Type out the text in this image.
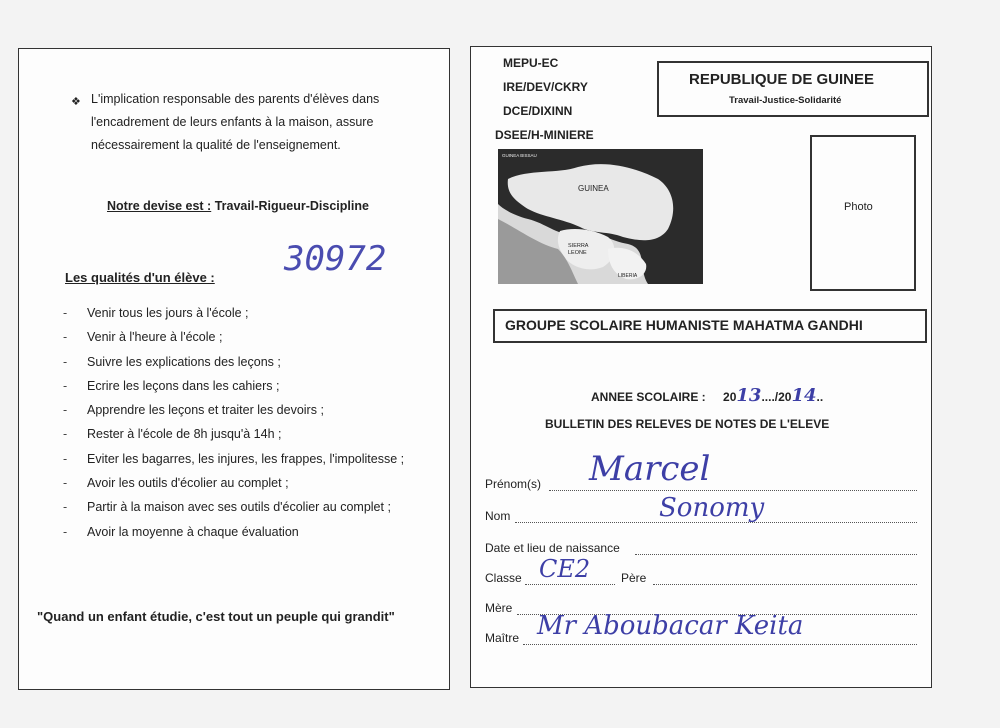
❖ L'implication responsable des parents d'élèves dans
l'encadrement de leurs enfants à la maison, assure
nécessairement la qualité de l'enseignement.
Notre devise est : Travail-Rigueur-Discipline
30972
Les qualités d'un élève :
- Venir tous les jours à l'école ;
- Venir à l'heure à l'école ;
- Suivre les explications des leçons ;
- Ecrire les leçons dans les cahiers ;
- Apprendre les leçons et traiter les devoirs ;
- Rester à l'école de 8h jusqu'à 14h ;
- Eviter les bagarres, les injures, les frappes, l'impolitesse ;
- Avoir les outils d'écolier au complet ;
- Partir à la maison avec ses outils d'écolier au complet ;
- Avoir la moyenne à chaque évaluation
"Quand un enfant étudie, c'est tout un peuple qui grandit"
MEPU-EC
IRE/DEV/CKRY
DCE/DIXINN
DSEE/H-MINIERE
REPUBLIQUE DE GUINEE
Travail-Justice-Solidarité
GUINEA
SIERRA
LEONE
LIBERIA
GUINEA BISSAU
Photo
GROUPE SCOLAIRE HUMANISTE MAHATMA GANDHI
ANNEE SCOLAIRE : 2013..../2014..
BULLETIN DES RELEVES DE NOTES DE L'ELEVE
Prénom(s) Marcel
Nom	Sonomy
Date et lieu de naissance
Classe CE2	Père
Mère
Maître Mr Aboubacar Keita
